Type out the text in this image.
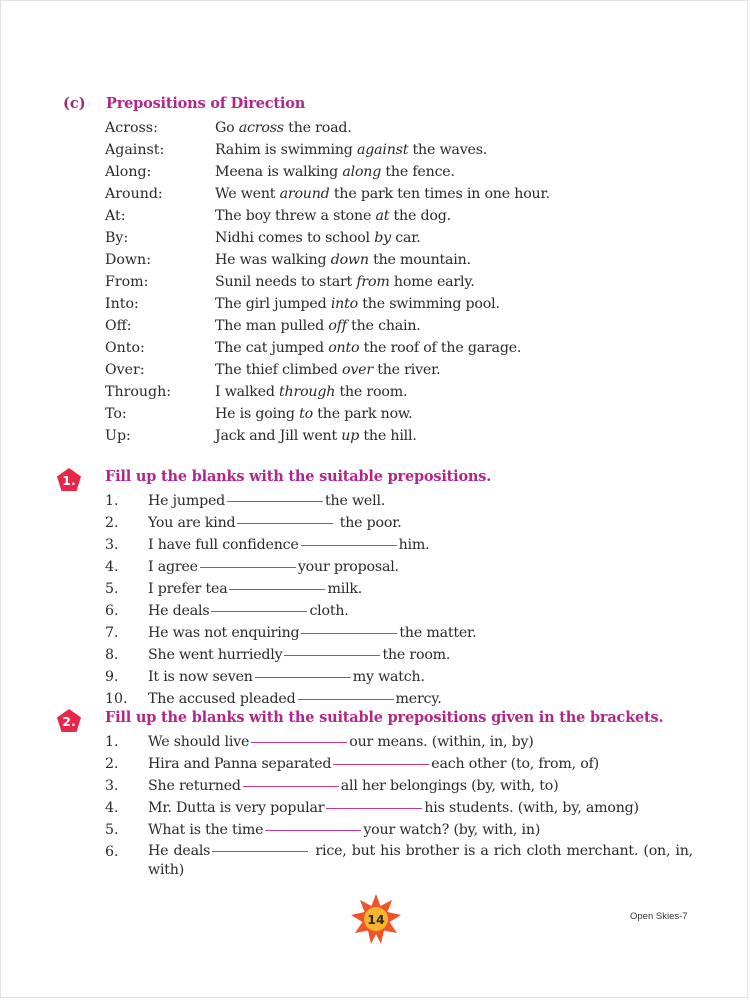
(c) Prepositions of Direction
Across:	Go across the road.
Against:	Rahim is swimming against the waves.
Along:	Meena is walking along the fence.
Around:	We went around the park ten times in one hour.
At:	The boy threw a stone at the dog.
By:	Nidhi comes to school by car.
Down:	He was walking down the mountain.
From:	Sunil needs to start from home early.
Into:	The girl jumped into the swimming pool.
Off:	The man pulled off the chain.
Onto:	The cat jumped onto the roof of the garage.
Over:	The thief climbed over the river.
Through:	I walked through the room.
To:	He is going to the park now.
Up:	Jack and Jill went up the hill.
1. Fill up the blanks with the suitable prepositions.
1. He jumped	the well.
2. You are kind	the poor.
3. I have full confidence	him.
4. I agree	your proposal.
5. I prefer tea	milk.
6. He deals	cloth.
7. He was not enquiring	the matter.
8. She went hurriedly	the room.
9. It is now seven	my watch.
10. The accused pleaded	mercy.
2. Fill up the blanks with the suitable prepositions given in the brackets.
1. We should live	our means. (within, in, by)
2. Hira and Panna separated	each other (to, from, of)
3. She returned	all her belongings (by, with, to)
4. Mr. Dutta is very popular	his students. (with, by, among)
5. What is the time	your watch? (by, with, in)
6. He deals	rice, but his brother is a rich cloth merchant. (on, in, with)
14	Open Skies-7
